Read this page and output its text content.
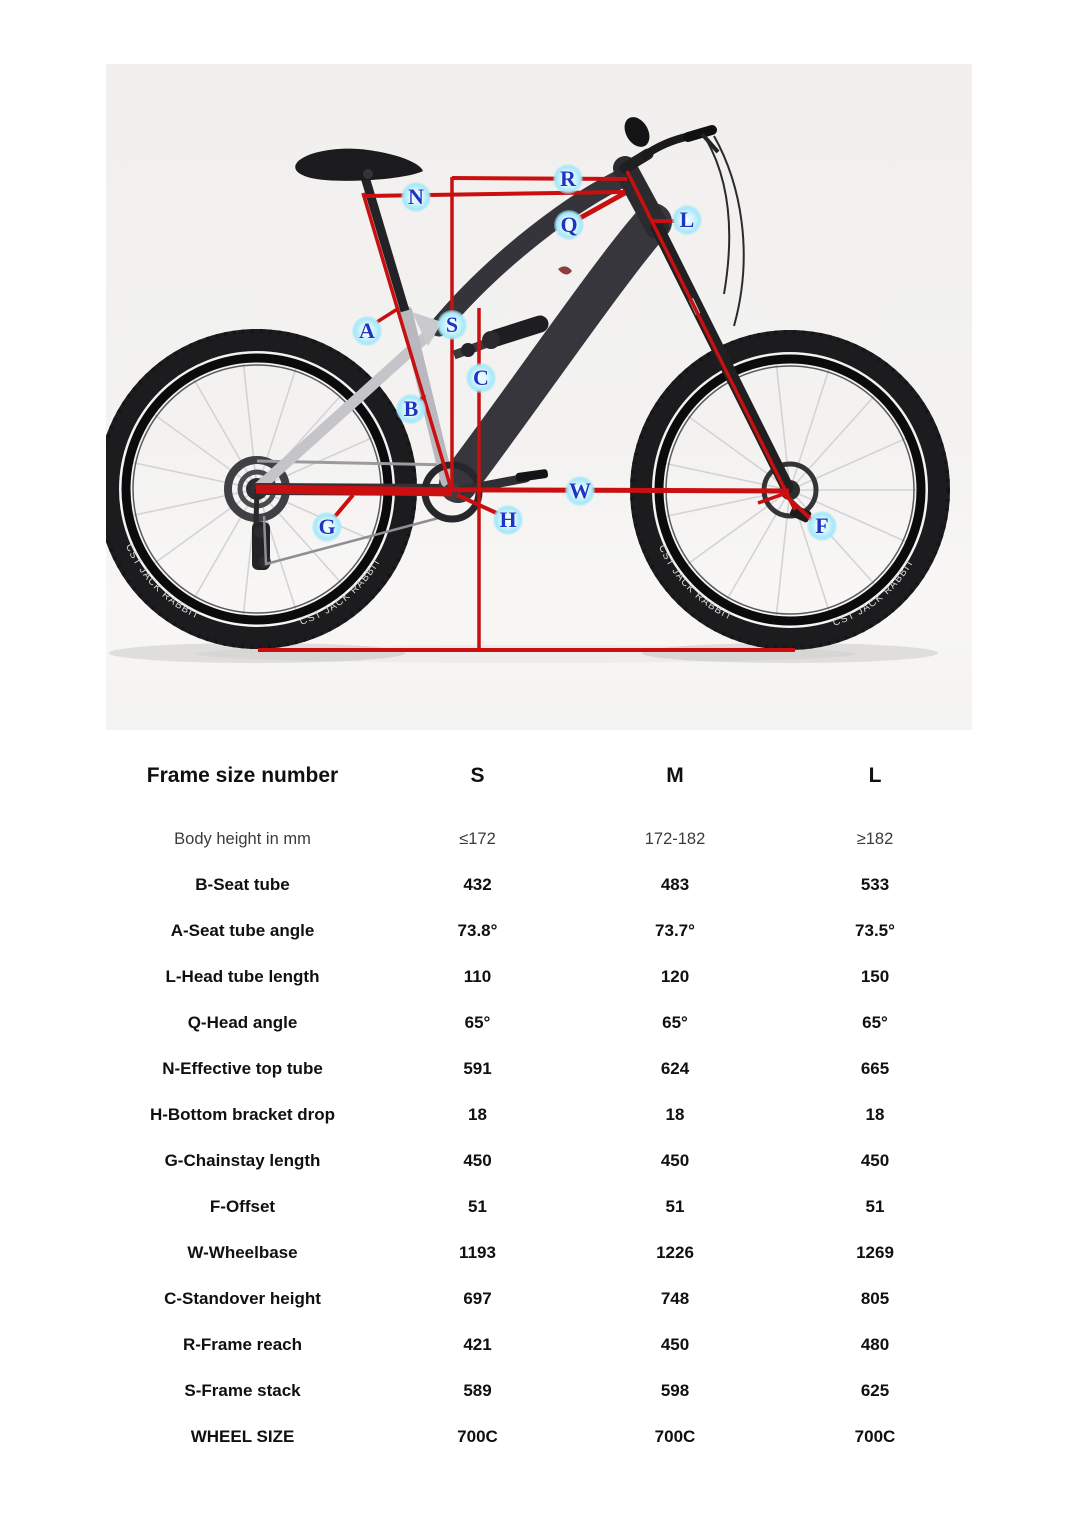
CST JACK RABBIT	CST JACK RABBIT
CST JACK RABBIT	CST JACK RABBIT
N
R
Q	L
A	S
C
B
W
G	H	F
Frame size number	S	M	L
Body height in mm	≤172	172-182	≥182
B-Seat tube	432	483	533
A-Seat tube angle	73.8°	73.7°	73.5°
L-Head tube length	110	120	150
Q-Head angle	65°	65°	65°
N-Effective top tube	591	624	665
H-Bottom bracket drop	18	18	18
G-Chainstay length	450	450	450
F-Offset	51	51	51
W-Wheelbase	1193	1226	1269
C-Standover height	697	748	805
R-Frame reach	421	450	480
S-Frame stack	589	598	625
WHEEL SIZE	700C	700C	700C
